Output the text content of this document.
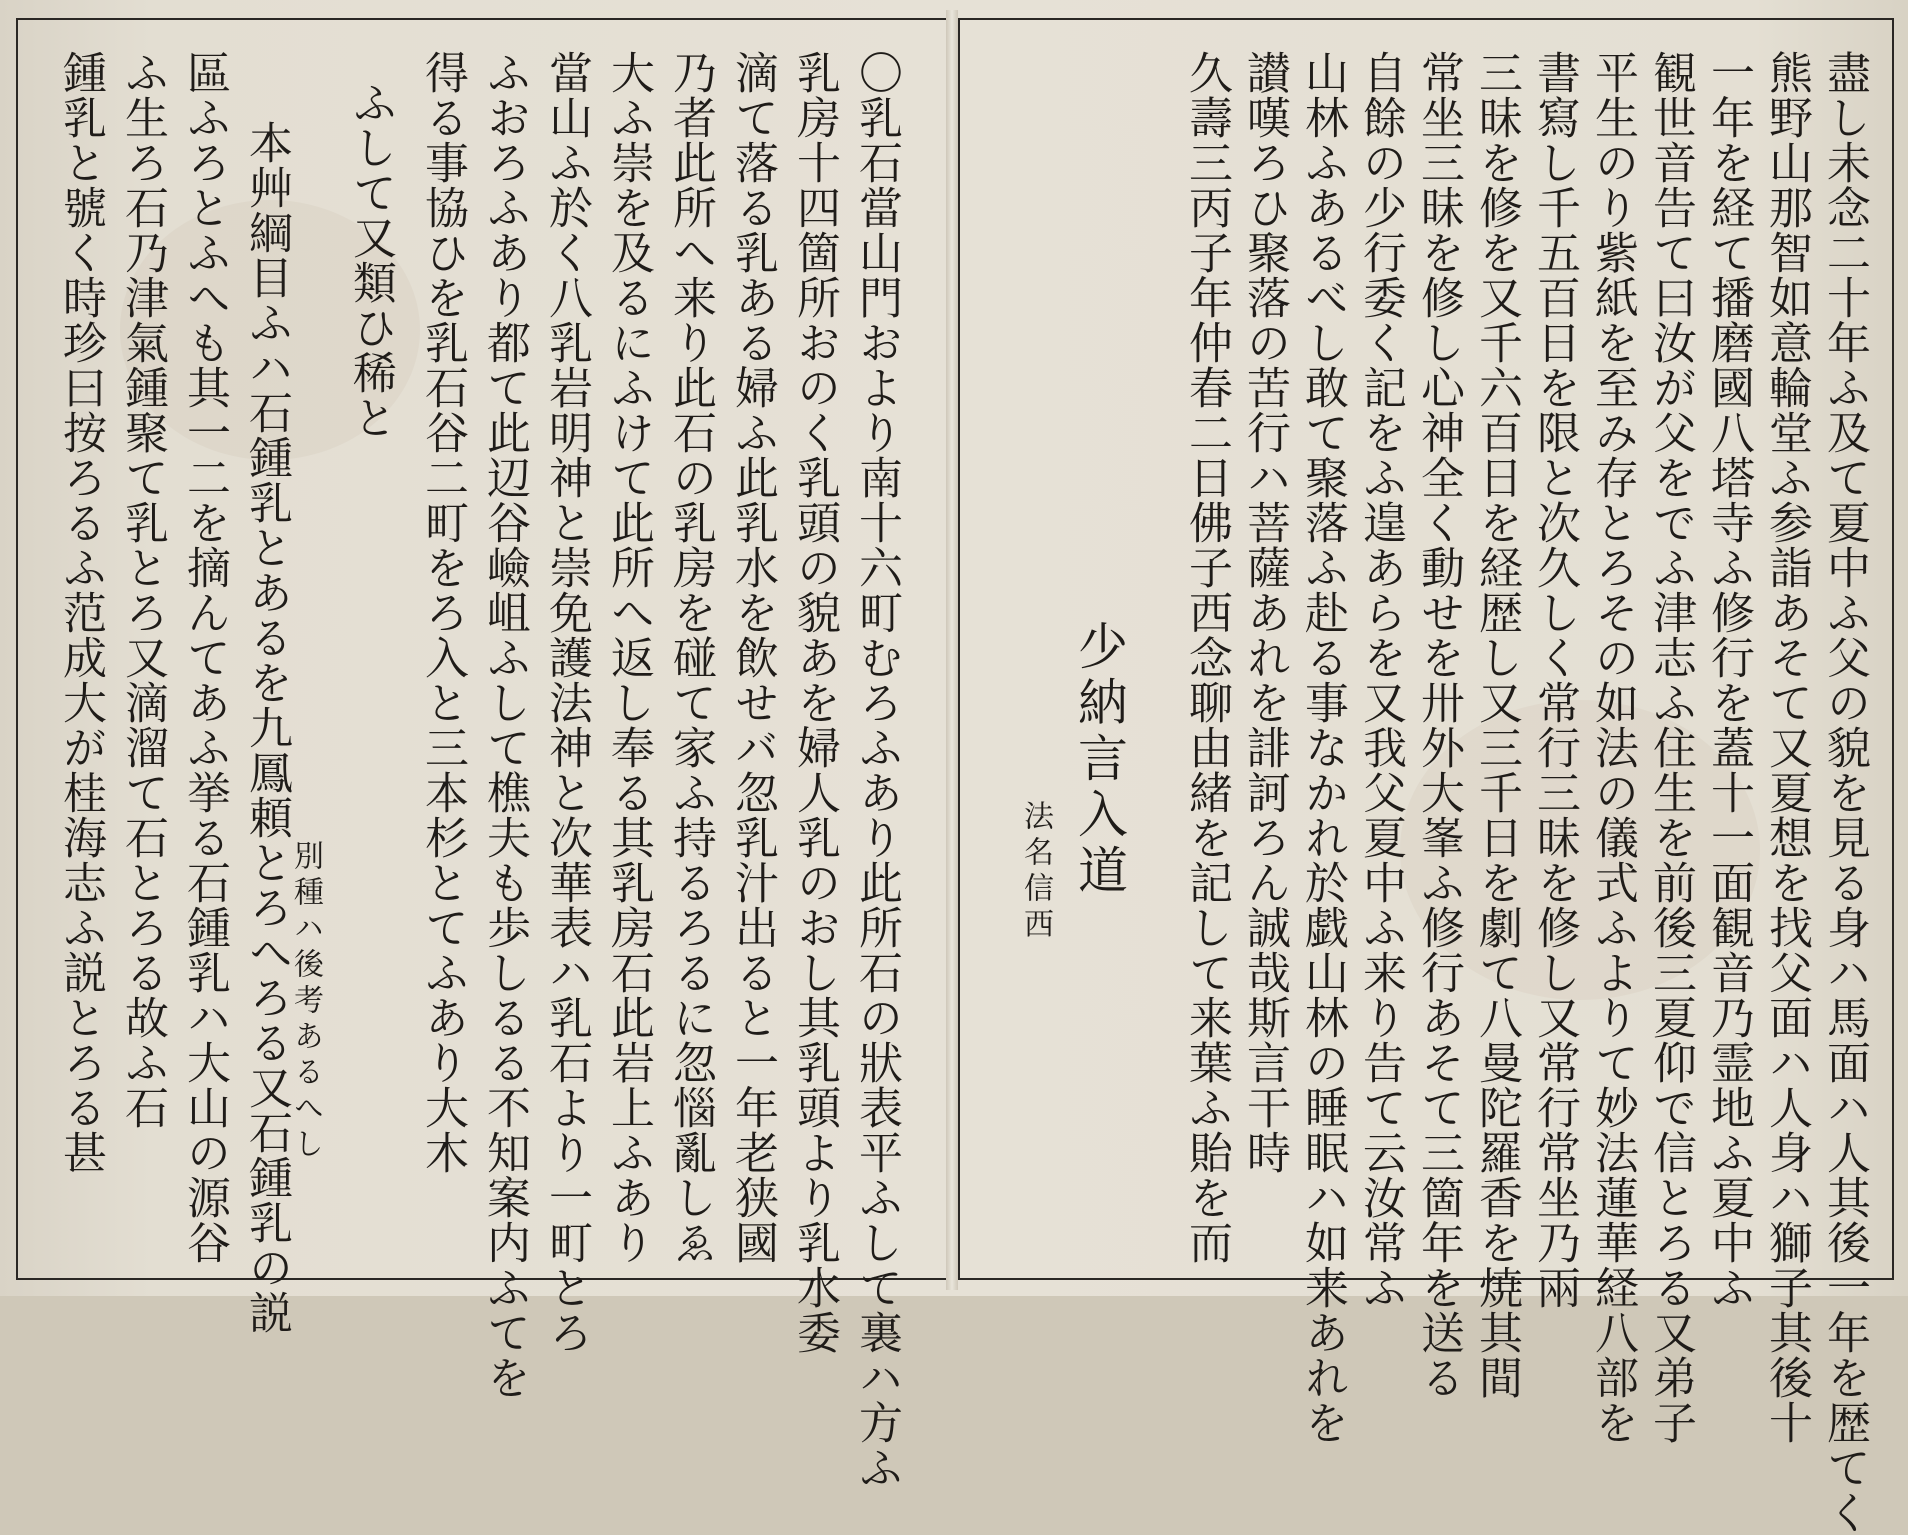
〇乳石當山門おより南十六町むろふあり此所石の狀表平ふして裏ハ方ふ
乳房十四箇所おのく乳頭の貌あを婦人乳のおし其乳頭より乳水委
滴て落る乳ある婦ふ此乳水を飲せバ忽乳汁出ると一年老狭國
乃者此所へ来り此石の乳房を碰て家ふ持るろるに忽惱亂しゑ
大ふ崇を及るにふけて此所へ返し奉る其乳房石此岩上ふあり
當山ふ於く八乳岩明神と崇免護法神と次華表ハ乳石より一町とろ
ふおろふあり都て此辺谷嶮岨ふして樵夫も歩しるる不知案内ふてを
得る事協ひを乳石谷二町をろ入と三本杉とてふあり大木
ふして又類ひ稀と
別種ハ後考あるへし
本艸綱目ふハ石鍾乳とあるを九鳳頼とろへろる又石鍾乳の説
區ふろとふへも其一二を摘んてあふ挙る石鍾乳ハ大山の源谷
ふ生ろ石乃津氣鍾聚て乳とろ又滴溜て石とろる故ふ石
鍾乳と號く時珍曰按ろるふ范成大が桂海志ふ説とろる甚	盡し未念二十年ふ及て夏中ふ父の貌を見る身ハ馬面ハ人其後一年を歴てく
熊野山那智如意輪堂ふ参詣あそて又夏想を找父面ハ人身ハ獅子其後十
一年を経て播磨國八塔寺ふ修行を蓋十一面観音乃霊地ふ夏中ふ
観世音告て曰汝が父をでふ津志ふ住生を前後三夏仰で信とろる又弟子
平生のり紫紙を至み存とろその如法の儀式ふよりて妙法蓮華経八部を
書寫し千五百日を限と次久しく常行三昧を修し又常行常坐乃兩
三昧を修を又千六百日を経歴し又三千日を劇て八曼陀羅香を焼其間
常坐三昧を修し心神全く動せを卅外大峯ふ修行あそて三箇年を送る
自餘の少行委く記をふ遑あらを又我父夏中ふ来り告て云汝常ふ
山林ふあるべし敢て聚落ふ赴る事なかれ於戯山林の睡眠ハ如来あれを
讃嘆ろひ聚落の苦行ハ菩薩あれを誹訶ろん誠哉斯言干時
久壽三丙子年仲春二日佛子西念聊由緒を記して来葉ふ貽を而
少納言入道
法名信西
